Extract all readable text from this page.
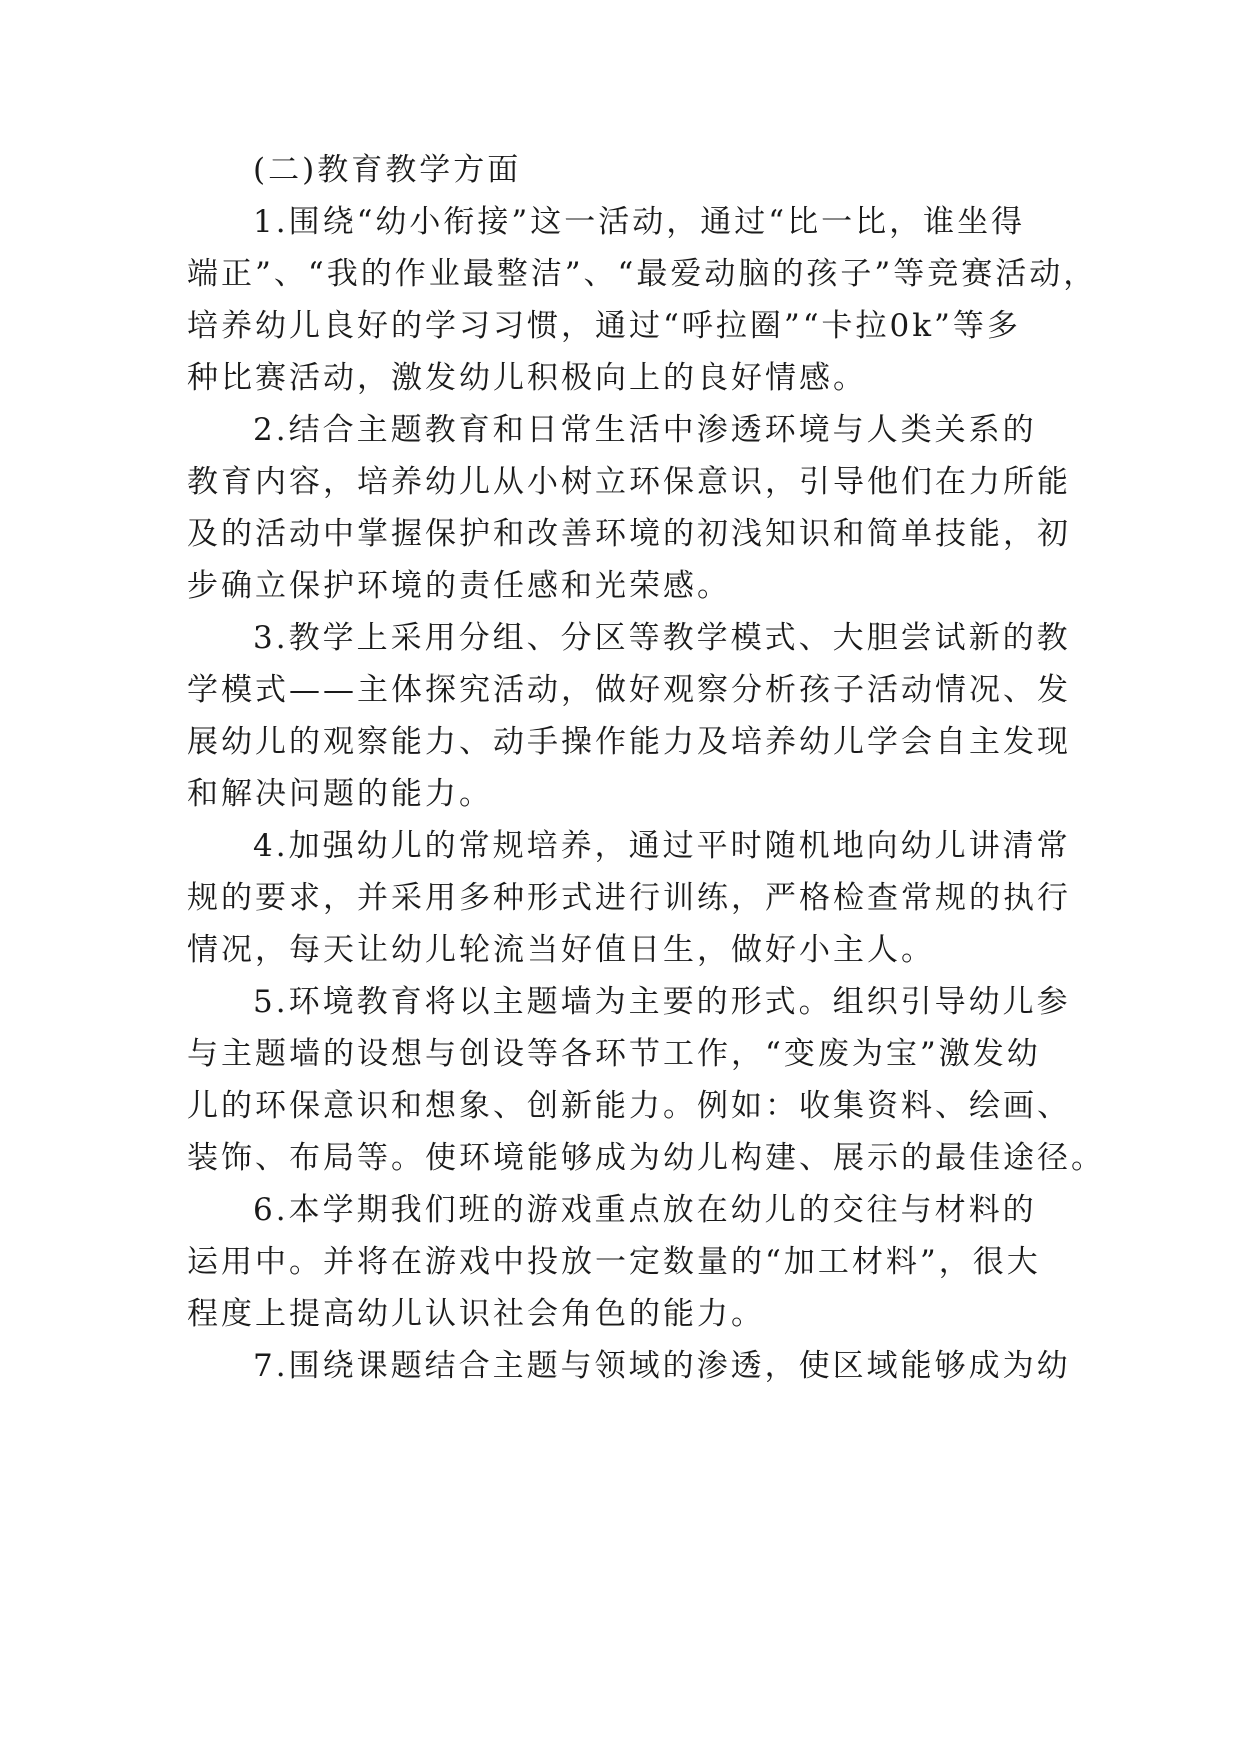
(二)教育教学方面

1.围绕“幼小衔接”这一活动，通过“比一比，谁坐得

端正”、“我的作业最整洁”、“最爱动脑的孩子”等竞赛活动，

培养幼儿良好的学习习惯，通过“呼拉圈”“卡拉0k”等多

种比赛活动，激发幼儿积极向上的良好情感。

2.结合主题教育和日常生活中渗透环境与人类关系的

教育内容，培养幼儿从小树立环保意识，引导他们在力所能

及的活动中掌握保护和改善环境的初浅知识和简单技能，初

步确立保护环境的责任感和光荣感。

3.教学上采用分组、分区等教学模式、大胆尝试新的教

学模式——主体探究活动，做好观察分析孩子活动情况、发

展幼儿的观察能力、动手操作能力及培养幼儿学会自主发现

和解决问题的能力。

4.加强幼儿的常规培养，通过平时随机地向幼儿讲清常

规的要求，并采用多种形式进行训练，严格检查常规的执行

情况，每天让幼儿轮流当好值日生，做好小主人。

5.环境教育将以主题墙为主要的形式。组织引导幼儿参

与主题墙的设想与创设等各环节工作，“变废为宝”激发幼

儿的环保意识和想象、创新能力。例如：收集资料、绘画、

装饰、布局等。使环境能够成为幼儿构建、展示的最佳途径。

6.本学期我们班的游戏重点放在幼儿的交往与材料的

运用中。并将在游戏中投放一定数量的“加工材料”，很大

程度上提高幼儿认识社会角色的能力。

7.围绕课题结合主题与领域的渗透，使区域能够成为幼
